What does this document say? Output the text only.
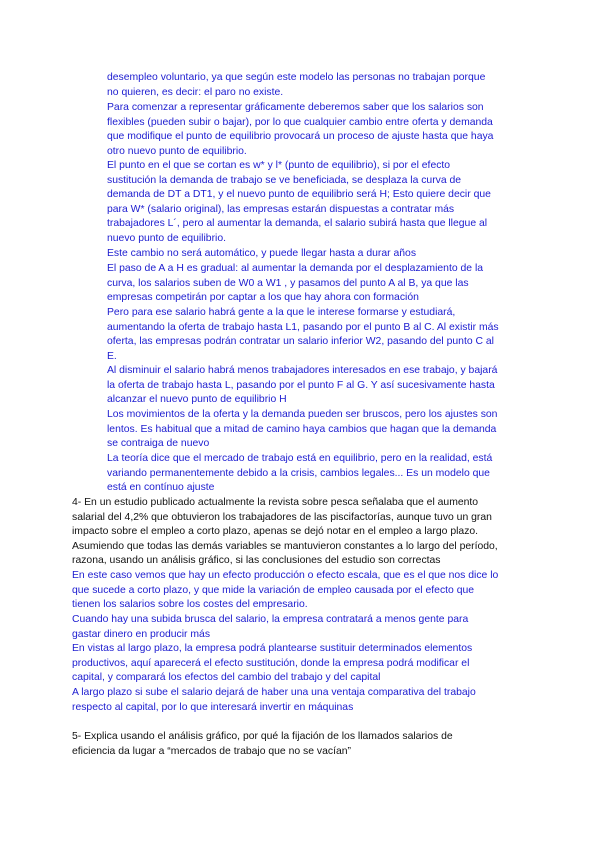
desempleo voluntario, ya que según este modelo las personas no trabajan porque
no quieren, es decir: el paro no existe.
Para comenzar a representar gráficamente deberemos saber que los salarios son
flexibles (pueden subir o bajar), por lo que cualquier cambio entre oferta y demanda
que modifique el punto de equilibrio provocará un proceso de ajuste hasta que haya
otro nuevo punto de equilibrio.
El punto en el que se cortan es w* y l* (punto de equilibrio), si por el efecto
sustitución la demanda de trabajo se ve beneficiada, se desplaza la curva de
demanda de DT a DT1, y el nuevo punto de equilibrio será H; Esto quiere decir que
para W* (salario original), las empresas estarán dispuestas a contratar más
trabajadores L´, pero al aumentar la demanda, el salario subirá hasta que llegue al
nuevo punto de equilibrio.
Este cambio no será automático, y puede llegar hasta a durar años
El paso de A a H es gradual: al aumentar la demanda por el desplazamiento de la
curva, los salarios suben de W0 a W1 , y pasamos del punto A al B, ya que las
empresas competirán por captar a los que hay ahora con formación
Pero para ese salario habrá gente a la que le interese formarse y estudiará,
aumentando la oferta de trabajo hasta L1, pasando por el punto B al C. Al existir más
oferta, las empresas podrán contratar un salario inferior W2, pasando del punto C al
E.
Al disminuir el salario habrá menos trabajadores interesados en ese trabajo, y bajará
la oferta de trabajo hasta L, pasando por el punto F al G. Y así sucesivamente hasta
alcanzar el nuevo punto de equilibrio H
Los movimientos de la oferta y la demanda pueden ser bruscos, pero los ajustes son
lentos. Es habitual que a mitad de camino haya cambios que hagan que la demanda
se contraiga de nuevo
La teoría dice que el mercado de trabajo está en equilibrio, pero en la realidad, está
variando permanentemente debido a la crisis, cambios legales... Es un modelo que
está en contínuo ajuste
4- En un estudio publicado actualmente la revista sobre pesca señalaba que el aumento
salarial del 4,2% que obtuvieron los trabajadores de las piscifactorías, aunque tuvo un gran
impacto sobre el empleo a corto plazo, apenas se dejó notar en el empleo a largo plazo.
Asumiendo que todas las demás variables se mantuvieron constantes a lo largo del período,
razona, usando un análisis gráfico, si las conclusiones del estudio son correctas
En este caso vemos que hay un efecto producción o efecto escala, que es el que nos dice lo
que sucede a corto plazo, y que mide la variación de empleo causada por el efecto que
tienen los salarios sobre los costes del empresario.
Cuando hay una subida brusca del salario, la empresa contratará a menos gente para
gastar dinero en producir más
En vistas al largo plazo, la empresa podrá plantearse sustituir determinados elementos
productivos, aquí aparecerá el efecto sustitución, donde la empresa podrá modificar el
capital, y comparará los efectos del cambio del trabajo y del capital
A largo plazo si sube el salario dejará de haber una una ventaja comparativa del trabajo
respecto al capital, por lo que interesará invertir en máquinas
5- Explica usando el análisis gráfico, por qué la fijación de los llamados salarios de
eficiencia da lugar a “mercados de trabajo que no se vacían”
